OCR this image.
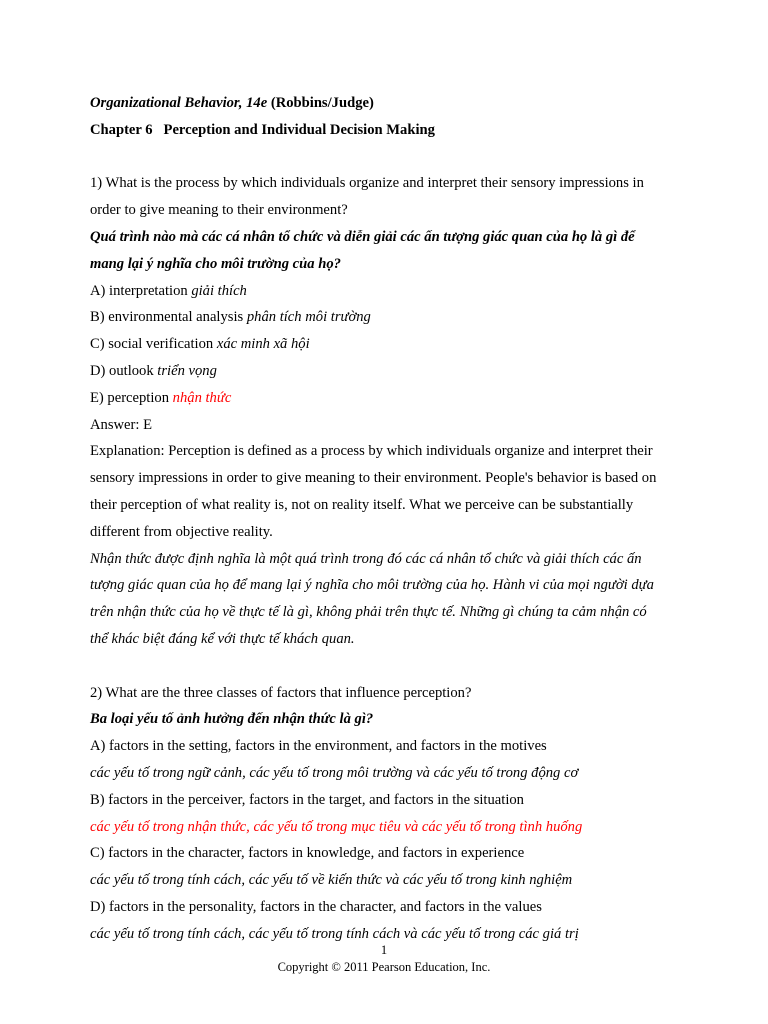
Organizational Behavior, 14e (Robbins/Judge)
Chapter 6 Perception and Individual Decision Making
1) What is the process by which individuals organize and interpret their sensory impressions in
order to give meaning to their environment?
Quá trình nào mà các cá nhân tổ chức và diễn giải các ấn tượng giác quan của họ là gì để
mang lại ý nghĩa cho môi trường của họ?
A) interpretation giải thích
B) environmental analysis phân tích môi trường
C) social verification xác minh xã hội
D) outlook triển vọng
E) perception nhận thức
Answer: E
Explanation: Perception is defined as a process by which individuals organize and interpret their
sensory impressions in order to give meaning to their environment. People's behavior is based on
their perception of what reality is, not on reality itself. What we perceive can be substantially
different from objective reality.
Nhận thức được định nghĩa là một quá trình trong đó các cá nhân tổ chức và giải thích các ấn
tượng giác quan của họ để mang lại ý nghĩa cho môi trường của họ. Hành vi của mọi người dựa
trên nhận thức của họ về thực tế là gì, không phải trên thực tế. Những gì chúng ta cảm nhận có
thể khác biệt đáng kể với thực tế khách quan.
2) What are the three classes of factors that influence perception?
Ba loại yếu tố ảnh hưởng đến nhận thức là gì?
A) factors in the setting, factors in the environment, and factors in the motives
các yếu tố trong ngữ cảnh, các yếu tố trong môi trường và các yếu tố trong động cơ
B) factors in the perceiver, factors in the target, and factors in the situation
các yếu tố trong nhận thức, các yếu tố trong mục tiêu và các yếu tố trong tình huống
C) factors in the character, factors in knowledge, and factors in experience
các yếu tố trong tính cách, các yếu tố về kiến thức và các yếu tố trong kinh nghiệm
D) factors in the personality, factors in the character, and factors in the values
các yếu tố trong tính cách, các yếu tố trong tính cách và các yếu tố trong các giá trị
1
Copyright © 2011 Pearson Education, Inc.
